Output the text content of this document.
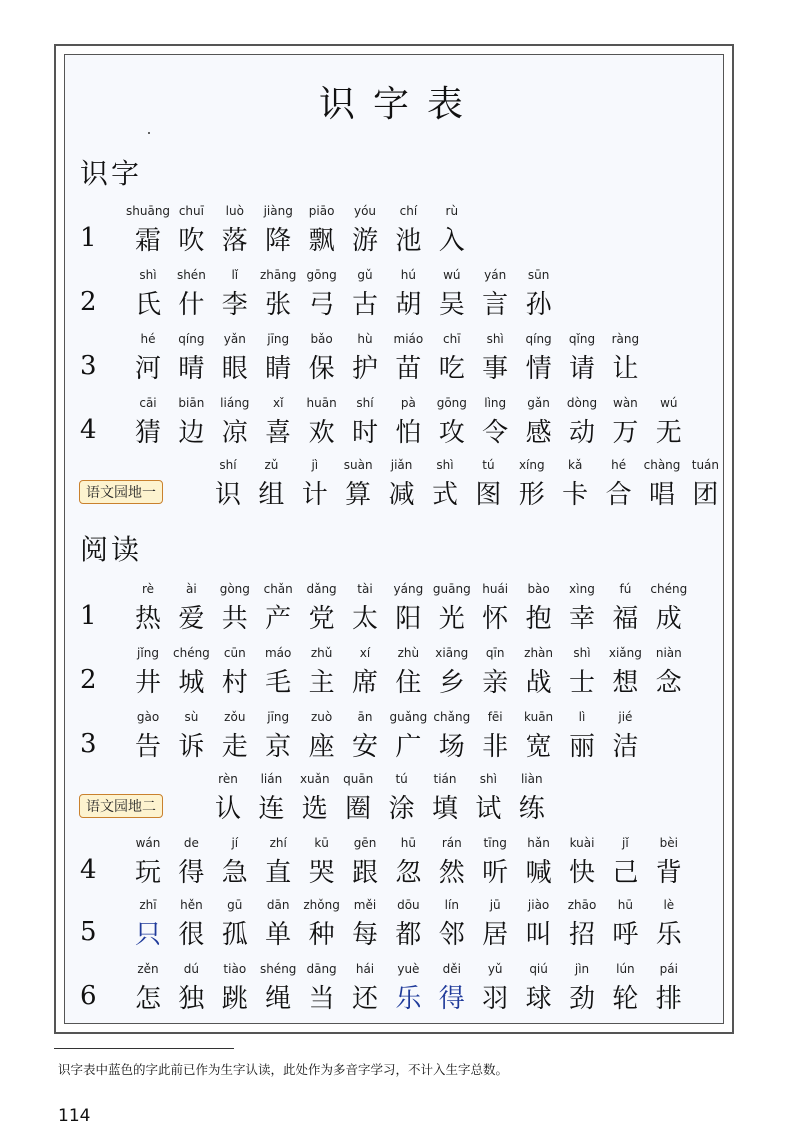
识字表
识字
1
shuāng
霜
chuī
吹
luò
落
jiàng
降
piāo
飘
yóu
游
chí
池
rù
入
2
shì
氏
shén
什
lǐ
李
zhāng
张
gōng
弓
gǔ
古
hú
胡
wú
吴
yán
言
sūn
孙
3
hé
河
qíng
晴
yǎn
眼
jīng
睛
bǎo
保
hù
护
miáo
苗
chī
吃
shì
事
qíng
情
qǐng
请
ràng
让
4
cāi
猜
biān
边
liáng
凉
xǐ
喜
huān
欢
shí
时
pà
怕
gōng
攻
lìng
令
gǎn
感
dòng
动
wàn
万
wú
无
语文园地一
shí
识
zǔ
组
jì
计
suàn
算
jiǎn
减
shì
式
tú
图
xíng
形
kǎ
卡
hé
合
chàng
唱
tuán
团
阅读
1
rè
热
ài
爱
gòng
共
chǎn
产
dǎng
党
tài
太
yáng
阳
guāng
光
huái
怀
bào
抱
xìng
幸
fú
福
chéng
成
2
jǐng
井
chéng
城
cūn
村
máo
毛
zhǔ
主
xí
席
zhù
住
xiāng
乡
qīn
亲
zhàn
战
shì
士
xiǎng
想
niàn
念
3
gào
告
sù
诉
zǒu
走
jīng
京
zuò
座
ān
安
guǎng
广
chǎng
场
fēi
非
kuān
宽
lì
丽
jié
洁
语文园地二
rèn
认
lián
连
xuǎn
选
quān
圈
tú
涂
tián
填
shì
试
liàn
练
4
wán
玩
de
得
jí
急
zhí
直
kū
哭
gēn
跟
hū
忽
rán
然
tīng
听
hǎn
喊
kuài
快
jǐ
己
bèi
背
5
zhī
只
hěn
很
gū
孤
dān
单
zhǒng
种
měi
每
dōu
都
lín
邻
jū
居
jiào
叫
zhāo
招
hū
呼
lè
乐
6
zěn
怎
dú
独
tiào
跳
shéng
绳
dāng
当
hái
还
yuè
乐
děi
得
yǔ
羽
qiú
球
jìn
劲
lún
轮
pái
排
识字表中蓝色的字此前已作为生字认读，此处作为多音字学习，不计入生字总数。
114
